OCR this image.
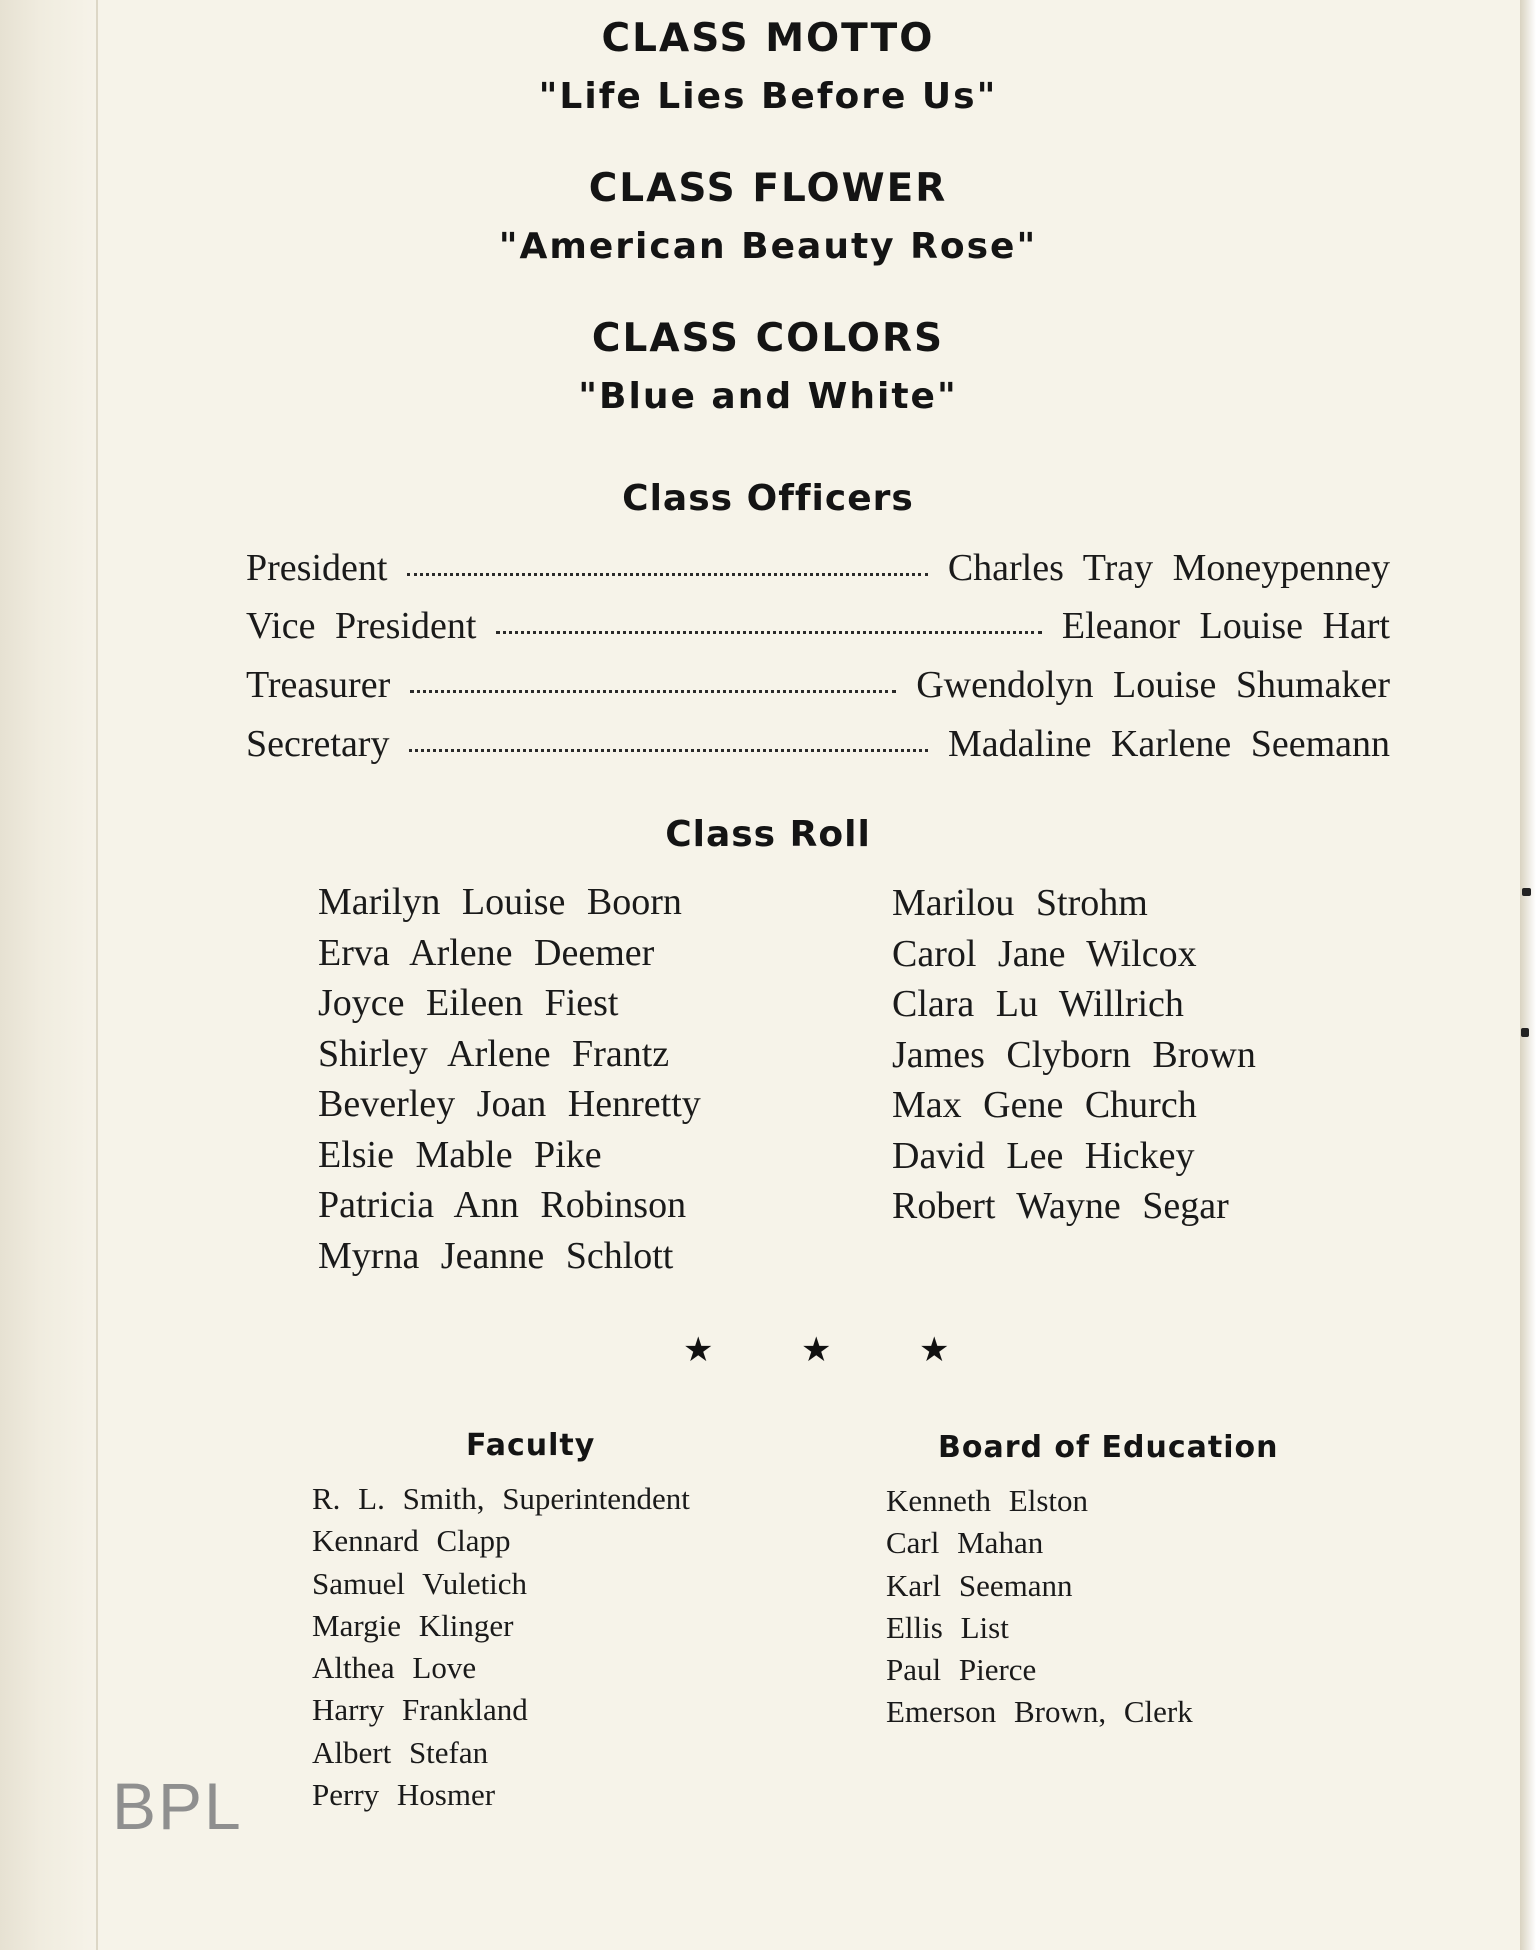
CLASS MOTTO

"Life Lies Before Us"

CLASS FLOWER

"American Beauty Rose"

CLASS COLORS

"Blue and White"

Class Officers

President	Charles Tray Moneypenney
Vice President	Eleanor Louise Hart
Treasurer	Gwendolyn Louise Shumaker
Secretary	Madaline Karlene Seemann

Class Roll

Marilyn Louise Boorn
Erva Arlene Deemer
Joyce Eileen Fiest
Shirley Arlene Frantz
Beverley Joan Henretty
Elsie Mable Pike
Patricia Ann Robinson
Myrna Jeanne Schlott
Marilou Strohm
Carol Jane Wilcox
Clara Lu Willrich
James Clyborn Brown
Max Gene Church
David Lee Hickey
Robert Wayne Segar
★	★	★
Faculty
R. L. Smith, Superintendent
Kennard Clapp
Samuel Vuletich
Margie Klinger
Althea Love
Harry Frankland
Albert Stefan
Perry Hosmer
Board of Education
Kenneth Elston
Carl Mahan
Karl Seemann
Ellis List
Paul Pierce
Emerson Brown, Clerk
BPL
